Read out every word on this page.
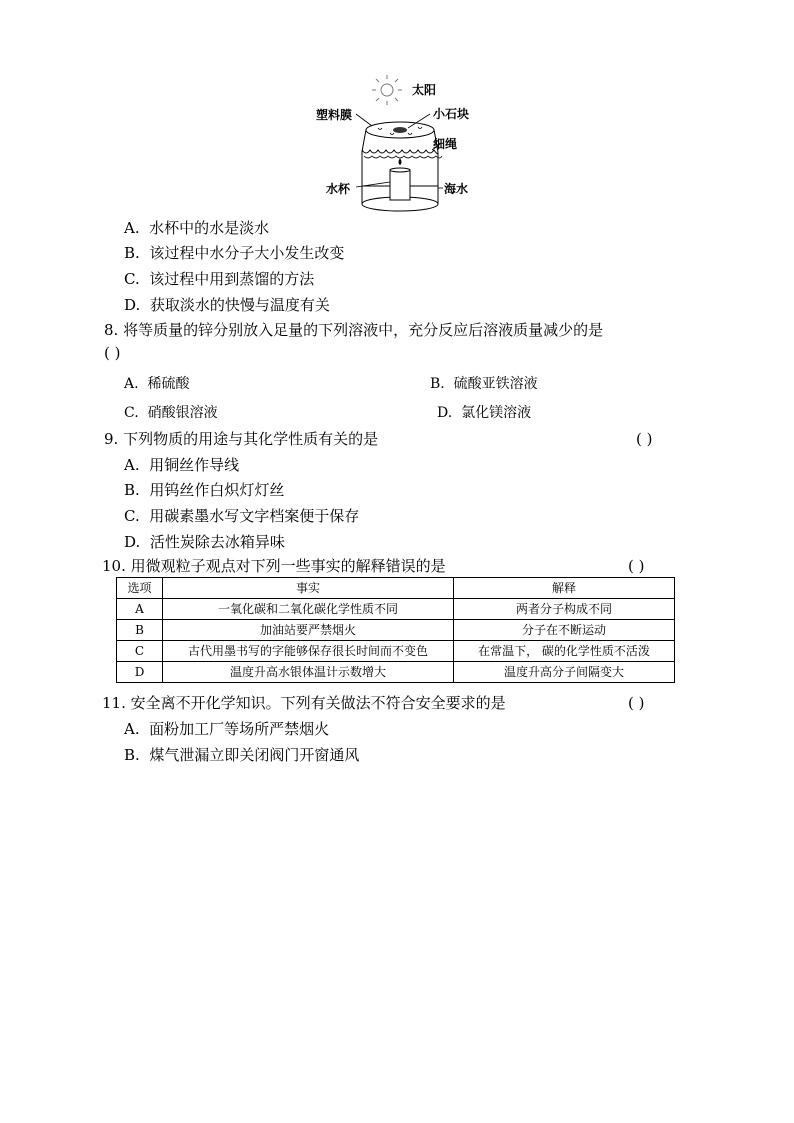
太阳
塑料膜	小石块
细绳
水杯	海水
A. 水杯中的水是淡水
B. 该过程中水分子大小发生改变
C. 该过程中用到蒸馏的方法
D. 获取淡水的快慢与温度有关
8. 将等质量的锌分别放入足量的下列溶液中，充分反应后溶液质量减少的是
( )
A. 稀硫酸	B. 硫酸亚铁溶液
C. 硝酸银溶液	D. 氯化镁溶液
9. 下列物质的用途与其化学性质有关的是	( )
A. 用铜丝作导线
B. 用钨丝作白炽灯灯丝
C. 用碳素墨水写文字档案便于保存
D. 活性炭除去冰箱异味
10. 用微观粒子观点对下列一些事实的解释错误的是	( )
选项	事实	解释
A	一氧化碳和二氧化碳化学性质不同	两者分子构成不同
B	加油站要严禁烟火	分子在不断运动
C	古代用墨书写的字能够保存很长时间而不变色	在常温下， 碳的化学性质不活泼
D	温度升高水银体温计示数增大	温度升高分子间隔变大
11. 安全离不开化学知识。下列有关做法不符合安全要求的是	( )
A. 面粉加工厂等场所严禁烟火
B. 煤气泄漏立即关闭阀门开窗通风
